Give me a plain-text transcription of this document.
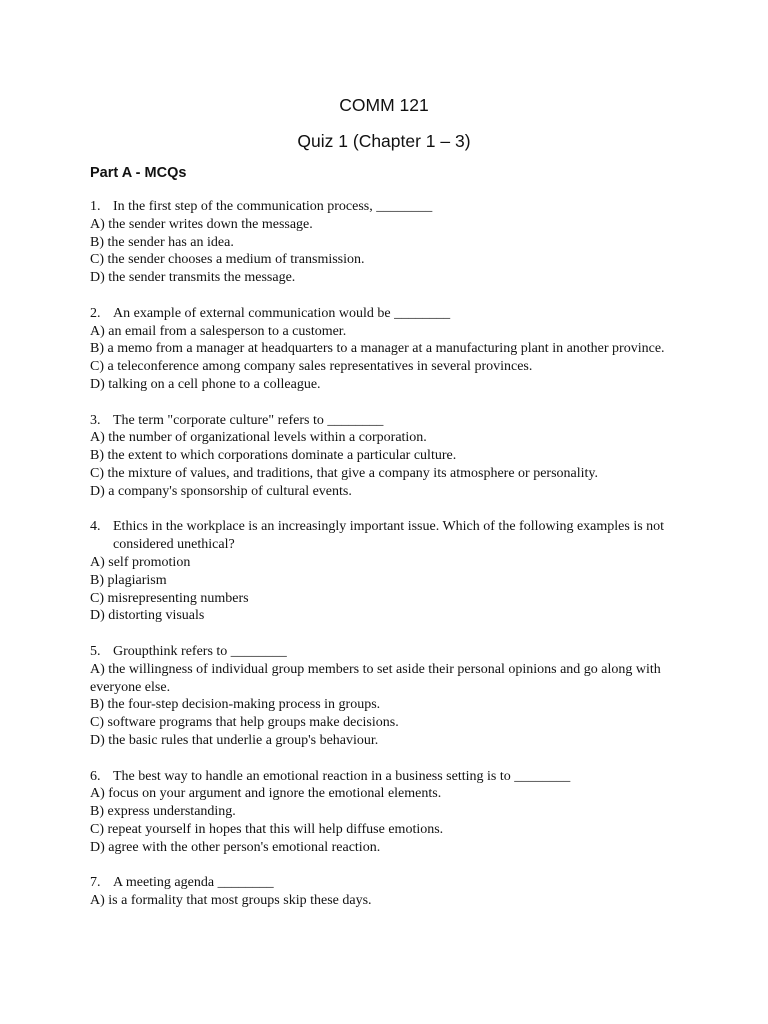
COMM 121
Quiz 1 (Chapter 1 – 3)
Part A - MCQs
1. In the first step of the communication process, ________
A) the sender writes down the message.
B) the sender has an idea.
C) the sender chooses a medium of transmission.
D) the sender transmits the message.
2. An example of external communication would be ________
A) an email from a salesperson to a customer.
B) a memo from a manager at headquarters to a manager at a manufacturing plant in another province.
C) a teleconference among company sales representatives in several provinces.
D) talking on a cell phone to a colleague.
3. The term "corporate culture" refers to ________
A) the number of organizational levels within a corporation.
B) the extent to which corporations dominate a particular culture.
C) the mixture of values, and traditions, that give a company its atmosphere or personality.
D) a company's sponsorship of cultural events.
4. Ethics in the workplace is an increasingly important issue. Which of the following examples is not considered unethical?
A) self promotion
B) plagiarism
C) misrepresenting numbers
D) distorting visuals
5. Groupthink refers to ________
A) the willingness of individual group members to set aside their personal opinions and go along with everyone else.
B) the four-step decision-making process in groups.
C) software programs that help groups make decisions.
D) the basic rules that underlie a group's behaviour.
6. The best way to handle an emotional reaction in a business setting is to ________
A) focus on your argument and ignore the emotional elements.
B) express understanding.
C) repeat yourself in hopes that this will help diffuse emotions.
D) agree with the other person's emotional reaction.
7. A meeting agenda ________
A) is a formality that most groups skip these days.
